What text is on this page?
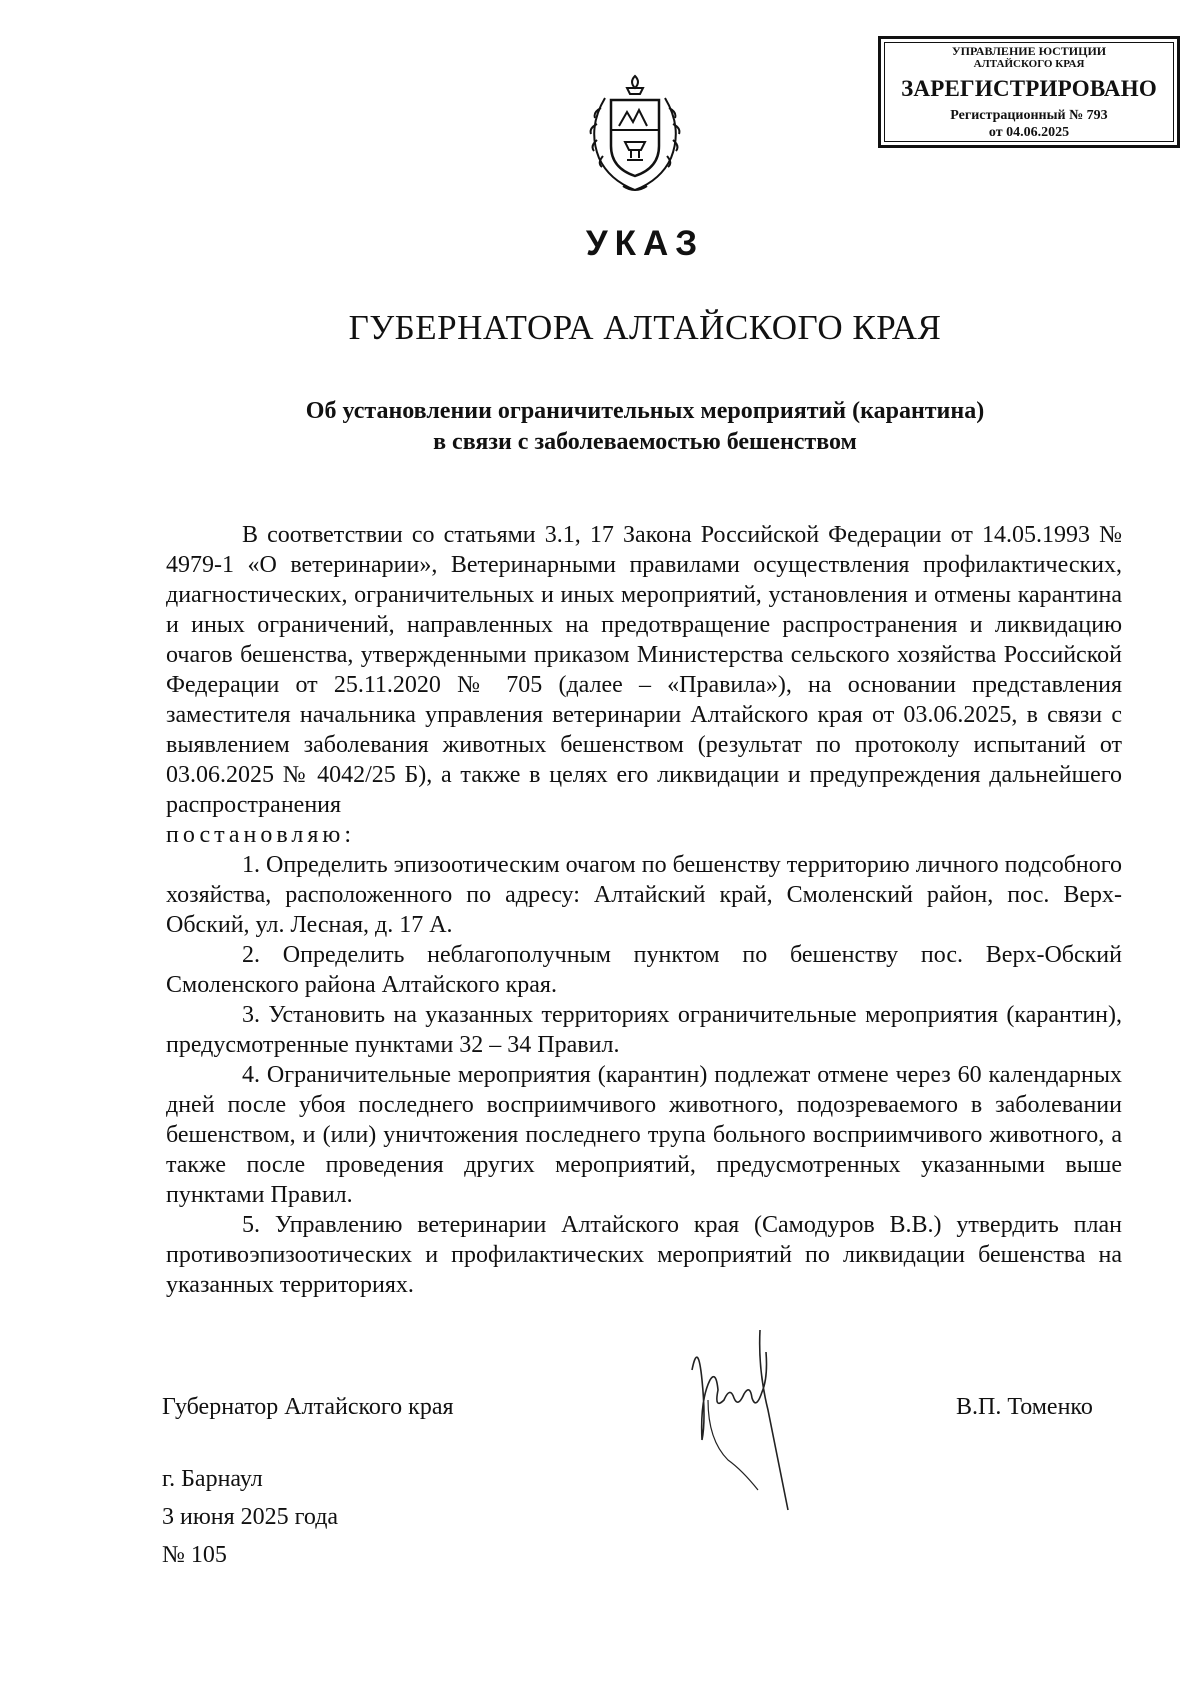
УПРАВЛЕНИЕ ЮСТИЦИИ
АЛТАЙСКОГО КРАЯ
ЗАРЕГИСТРИРОВАНО
Регистрационный № 793
от 04.06.2025
УКАЗ
ГУБЕРНАТОРА АЛТАЙСКОГО КРАЯ
Об установлении ограничительных мероприятий (карантина)
в связи с заболеваемостью бешенством

В соответствии со статьями 3.1, 17 Закона Российской Федерации от 14.05.1993 № 4979-1 «О ветеринарии», Ветеринарными правилами осуществления профилактических, диагностических, ограничительных и иных мероприятий, установления и отмены карантина и иных ограничений, направленных на предотвращение распространения и ликвидацию очагов бешенства, утвержденными приказом Министерства сельского хозяйства Российской Федерации от 25.11.2020 № 705 (далее – «Правила»), на основании представления заместителя начальника управления ветеринарии Алтайского края от 03.06.2025, в связи с выявлением заболевания животных бешенством (результат по протоколу испытаний от 03.06.2025 № 4042/25 Б), а также в целях его ликвидации и предупреждения дальнейшего распространения

постановляю:

1. Определить эпизоотическим очагом по бешенству территорию личного подсобного хозяйства, расположенного по адресу: Алтайский край, Смоленский район, пос. Верх-Обский, ул. Лесная, д. 17 А.

2. Определить неблагополучным пунктом по бешенству пос. Верх-Обский Смоленского района Алтайского края.

3. Установить на указанных территориях ограничительные мероприятия (карантин), предусмотренные пунктами 32 – 34 Правил.

4. Ограничительные мероприятия (карантин) подлежат отмене через 60 календарных дней после убоя последнего восприимчивого животного, подозреваемого в заболевании бешенством, и (или) уничтожения последнего трупа больного восприимчивого животного, а также после проведения других мероприятий, предусмотренных указанными выше пунктами Правил.

5. Управлению ветеринарии Алтайского края (Самодуров В.В.) утвердить план противоэпизоотических и профилактических мероприятий по ликвидации бешенства на указанных территориях.

Губернатор Алтайского края	В.П. Томенко
г. Барнаул
3 июня 2025 года
№ 105
